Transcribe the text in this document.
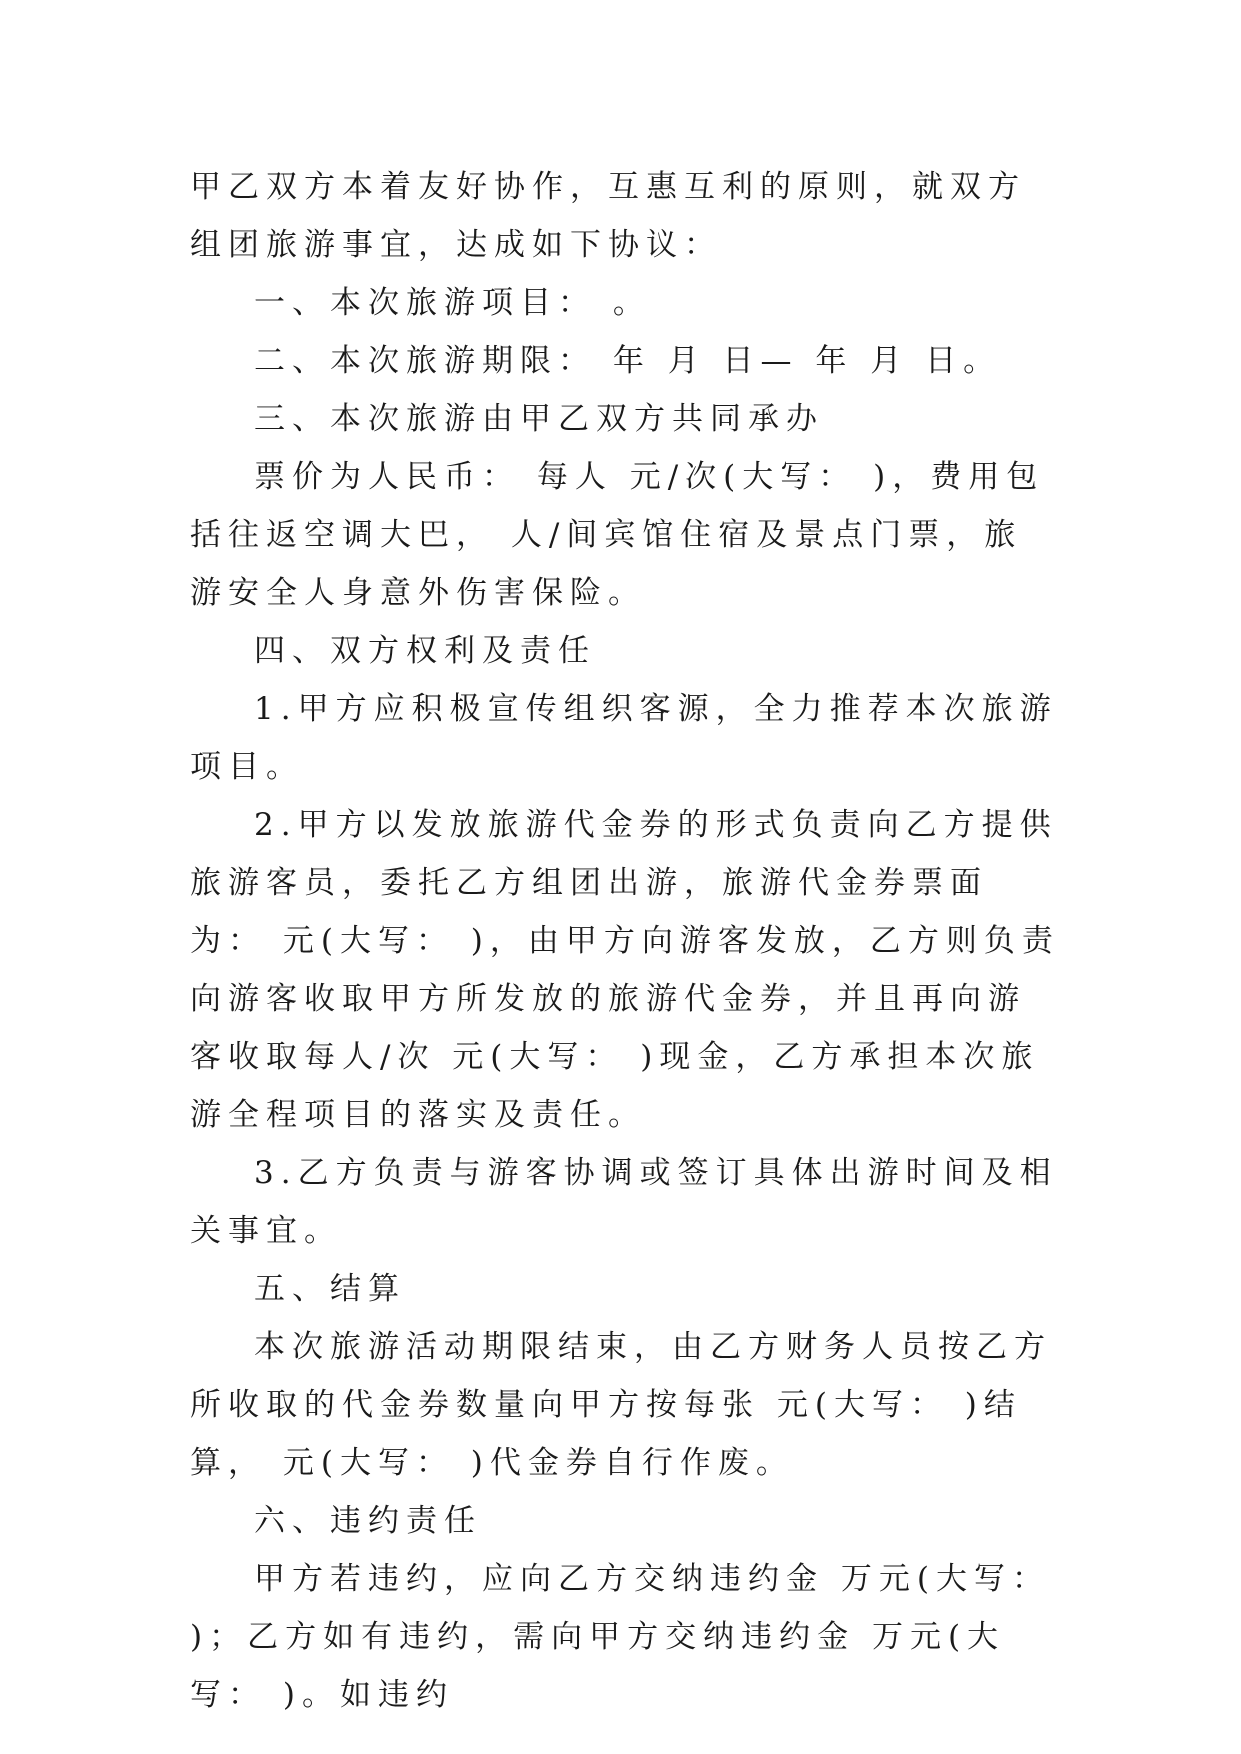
甲乙双方本着友好协作，互惠互利的原则，就双方组团旅游事宜，达成如下协议：

一、本次旅游项目： 。

二、本次旅游期限： 年 月 日— 年 月 日。

三、本次旅游由甲乙双方共同承办

票价为人民币： 每人 元/次(大写： )，费用包括往返空调大巴， 人/间宾馆住宿及景点门票，旅游安全人身意外伤害保险。

四、双方权利及责任

1.甲方应积极宣传组织客源，全力推荐本次旅游项目。

2.甲方以发放旅游代金券的形式负责向乙方提供旅游客员，委托乙方组团出游，旅游代金券票面为： 元(大写： )，由甲方向游客发放，乙方则负责向游客收取甲方所发放的旅游代金券，并且再向游客收取每人/次 元(大写： )现金，乙方承担本次旅游全程项目的落实及责任。

3.乙方负责与游客协调或签订具体出游时间及相关事宜。

五、结算

本次旅游活动期限结束，由乙方财务人员按乙方所收取的代金券数量向甲方按每张 元(大写： )结算， 元(大写： )代金券自行作废。

六、违约责任

甲方若违约，应向乙方交纳违约金 万元(大写： )；乙方如有违约，需向甲方交纳违约金 万元(大写： )。如违约
